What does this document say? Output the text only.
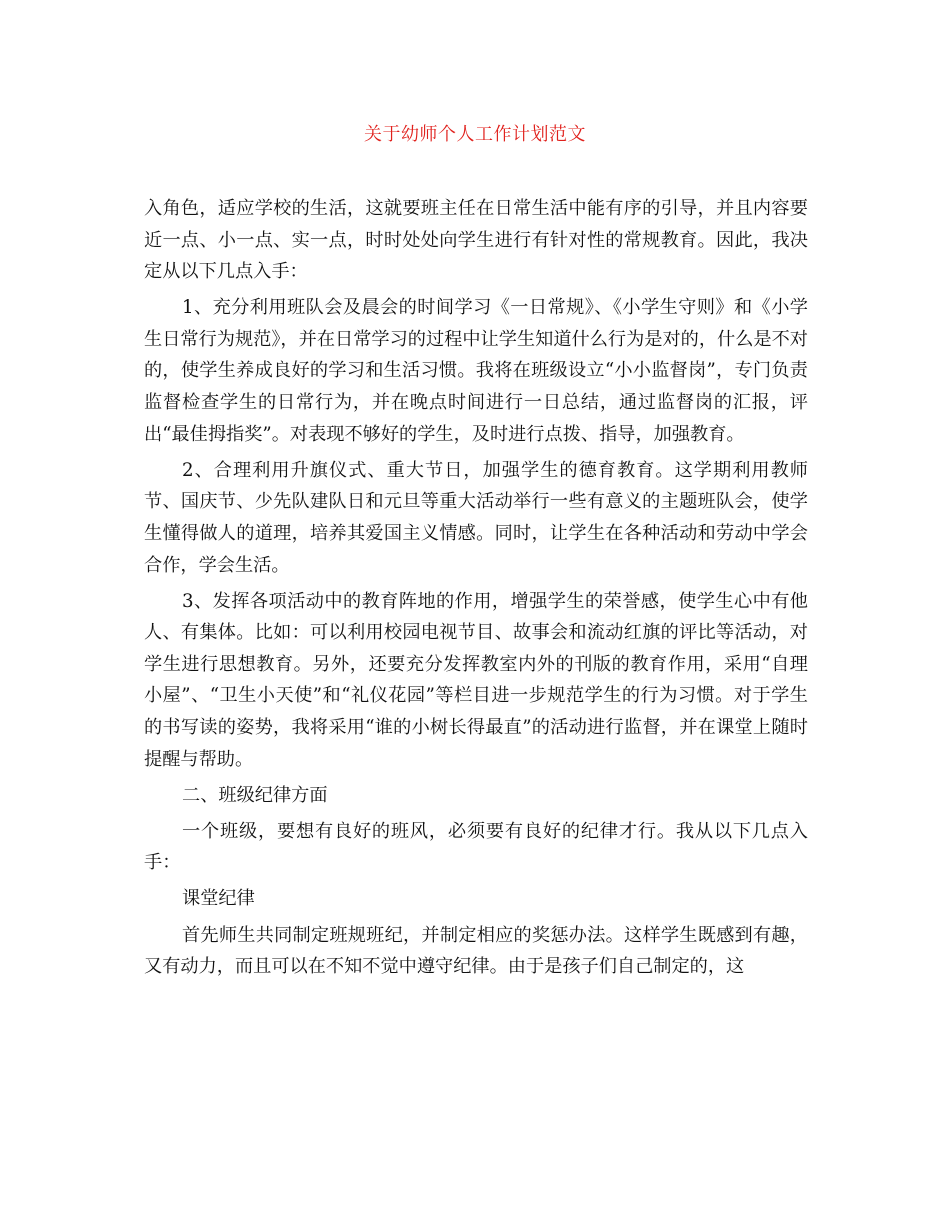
关于幼师个人工作计划范文

入角色，适应学校的生活，这就要班主任在日常生活中能有序的引导，并且内容要近一点、小一点、实一点，时时处处向学生进行有针对性的常规教育。因此，我决定从以下几点入手：

1、充分利用班队会及晨会的时间学习《一日常规》、《小学生守则》和《小学生日常行为规范》，并在日常学习的过程中让学生知道什么行为是对的，什么是不对的，使学生养成良好的学习和生活习惯。我将在班级设立“小小监督岗”，专门负责监督检查学生的日常行为，并在晚点时间进行一日总结，通过监督岗的汇报，评出“最佳拇指奖”。对表现不够好的学生，及时进行点拨、指导，加强教育。

2、合理利用升旗仪式、重大节日，加强学生的德育教育。这学期利用教师节、国庆节、少先队建队日和元旦等重大活动举行一些有意义的主题班队会，使学生懂得做人的道理，培养其爱国主义情感。同时，让学生在各种活动和劳动中学会合作，学会生活。

3、发挥各项活动中的教育阵地的作用，增强学生的荣誉感，使学生心中有他人、有集体。比如：可以利用校园电视节目、故事会和流动红旗的评比等活动，对学生进行思想教育。另外，还要充分发挥教室内外的刊版的教育作用，采用“自理小屋”、“卫生小天使”和“礼仪花园”等栏目进一步规范学生的行为习惯。对于学生的书写读的姿势，我将采用“谁的小树长得最直”的活动进行监督，并在课堂上随时提醒与帮助。

二、班级纪律方面

一个班级，要想有良好的班风，必须要有良好的纪律才行。我从以下几点入手：

课堂纪律

首先师生共同制定班规班纪，并制定相应的奖惩办法。这样学生既感到有趣，又有动力，而且可以在不知不觉中遵守纪律。由于是孩子们自己制定的，这
